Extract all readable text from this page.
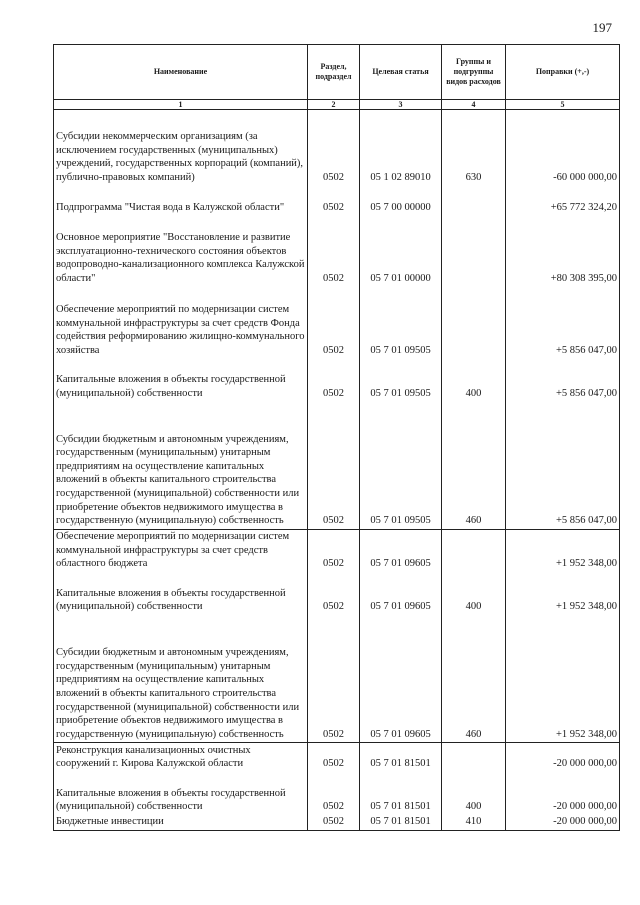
197
Наименование	Раздел, подраздел	Целевая статья	Группы и подгруппы видов расходов	Поправки (+,-)
1	2	3	4	5
Субсидии некоммерческим организациям (за исключением государственных (муниципальных) учреждений, государственных корпораций (компаний), публично-правовых компаний)	0502	05 1 02 89010	630	-60 000 000,00
Подпрограмма "Чистая вода в Калужской области"	0502	05 7 00 00000		+65 772 324,20
Основное мероприятие "Восстановление и развитие эксплуатационно-технического состояния объектов водопроводно-канализационного комплекса Калужской области"	0502	05 7 01 00000		+80 308 395,00
Обеспечение мероприятий по модернизации систем коммунальной инфраструктуры за счет средств Фонда содействия реформированию жилищно-коммунального хозяйства	0502	05 7 01 09505		+5 856 047,00
Капитальные вложения в объекты государственной (муниципальной) собственности	0502	05 7 01 09505	400	+5 856 047,00
Субсидии бюджетным и автономным учреждениям, государственным (муниципальным) унитарным предприятиям на осуществление капитальных вложений в объекты капитального строительства государственной (муниципальной) собственности или приобретение объектов недвижимого имущества в государственную (муниципальную) собственность	0502	05 7 01 09505	460	+5 856 047,00
Обеспечение мероприятий по модернизации систем коммунальной инфраструктуры за счет средств областного бюджета	0502	05 7 01 09605		+1 952 348,00
Капитальные вложения в объекты государственной (муниципальной) собственности	0502	05 7 01 09605	400	+1 952 348,00
Субсидии бюджетным и автономным учреждениям, государственным (муниципальным) унитарным предприятиям на осуществление капитальных вложений в объекты капитального строительства государственной (муниципальной) собственности или приобретение объектов недвижимого имущества в государственную (муниципальную) собственность	0502	05 7 01 09605	460	+1 952 348,00
Реконструкция канализационных очистных сооружений г. Кирова Калужской области	0502	05 7 01 81501		-20 000 000,00
Капитальные вложения в объекты государственной (муниципальной) собственности	0502	05 7 01 81501	400	-20 000 000,00
Бюджетные инвестиции	0502	05 7 01 81501	410	-20 000 000,00
